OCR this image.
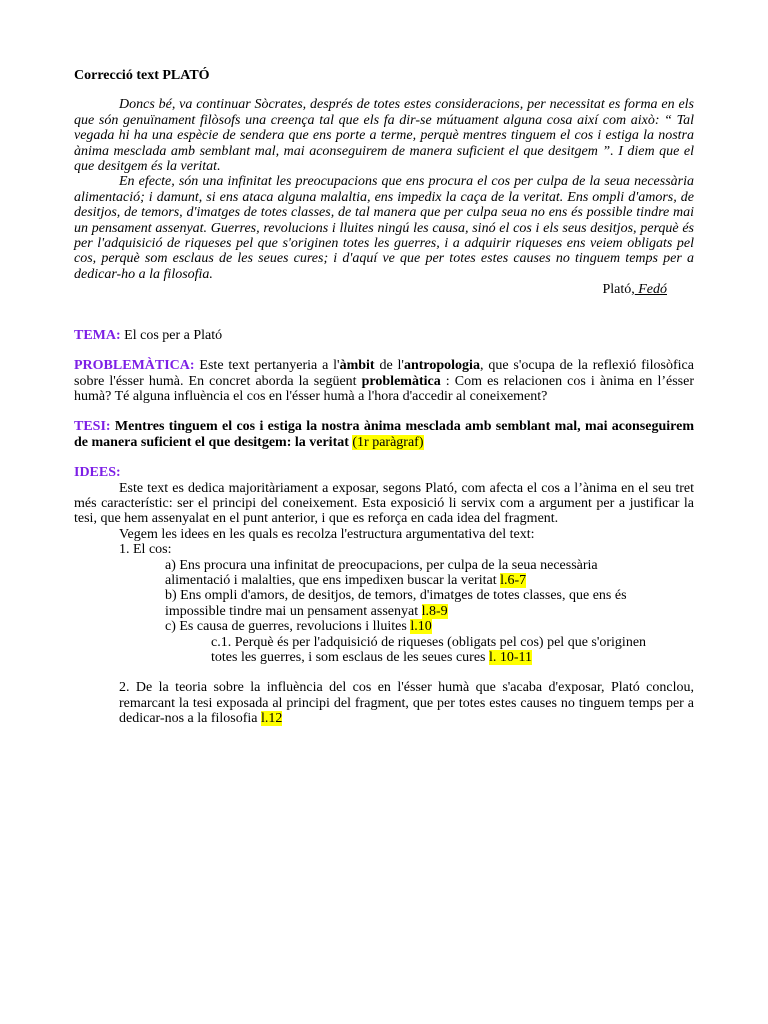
Correcció text PLATÓ

Doncs bé, va continuar Sòcrates, després de totes estes consideracions, per necessitat es forma en els que són genuïnament filòsofs una creença tal que els fa dir-se mútuament alguna cosa així com això: “ Tal vegada hi ha una espècie de sendera que ens porte a terme, perquè mentres tinguem el cos i estiga la nostra ànima mesclada amb semblant mal, mai aconseguirem de manera suficient el que desitgem ”. I diem que el que desitgem és la veritat.

En efecte, són una infinitat les preocupacions que ens procura el cos per culpa de la seua necessària alimentació; i damunt, si ens ataca alguna malaltia, ens impedix la caça de la veritat. Ens ompli d'amors, de desitjos, de temors, d'imatges de totes classes, de tal manera que per culpa seua no ens és possible tindre mai un pensament assenyat. Guerres, revolucions i lluites ningú les causa, sinó el cos i els seus desitjos, perquè és per l'adquisició de riqueses pel que s'originen totes les guerres, i a adquirir riqueses ens veiem obligats pel cos, perquè som esclaus de les seues cures; i d'aquí ve que per totes estes causes no tinguem temps per a dedicar-ho a la filosofia.

Plató, Fedó

TEMA: El cos per a Plató

PROBLEMÀTICA: Este text pertanyeria a l'àmbit de l'antropologia, que s'ocupa de la reflexió filosòfica sobre l'ésser humà. En concret aborda la següent problemàtica : Com es relacionen cos i ànima en l’ésser humà? Té alguna influència el cos en l'ésser humà a l'hora d'accedir al coneixement?

TESI: Mentres tinguem el cos i estiga la nostra ànima mesclada amb semblant mal, mai aconseguirem de manera suficient el que desitgem: la veritat (1r paràgraf)

IDEES:

Este text es dedica majoritàriament a exposar, segons Plató, com afecta el cos a l’ànima en el seu tret més característic: ser el principi del coneixement. Esta exposició li servix com a argument per a justificar la tesi, que hem assenyalat en el punt anterior, i que es reforça en cada idea del fragment.

Vegem les idees en les quals es recolza l'estructura argumentativa del text:

1. El cos:

a) Ens procura una infinitat de preocupacions, per culpa de la seua necessària

alimentació i malalties, que ens impedixen buscar la veritat l.6-7

b) Ens ompli d'amors, de desitjos, de temors, d'imatges de totes classes, que ens és

impossible tindre mai un pensament assenyat l.8-9

c) Es causa de guerres, revolucions i lluites l.10

c.1. Perquè és per l'adquisició de riqueses (obligats pel cos) pel que s'originen

totes les guerres, i som esclaus de les seues cures l. 10-11

2. De la teoria sobre la influència del cos en l'ésser humà que s'acaba d'exposar, Plató conclou, remarcant la tesi exposada al principi del fragment, que per totes estes causes no tinguem temps per a dedicar-nos a la filosofia l.12
